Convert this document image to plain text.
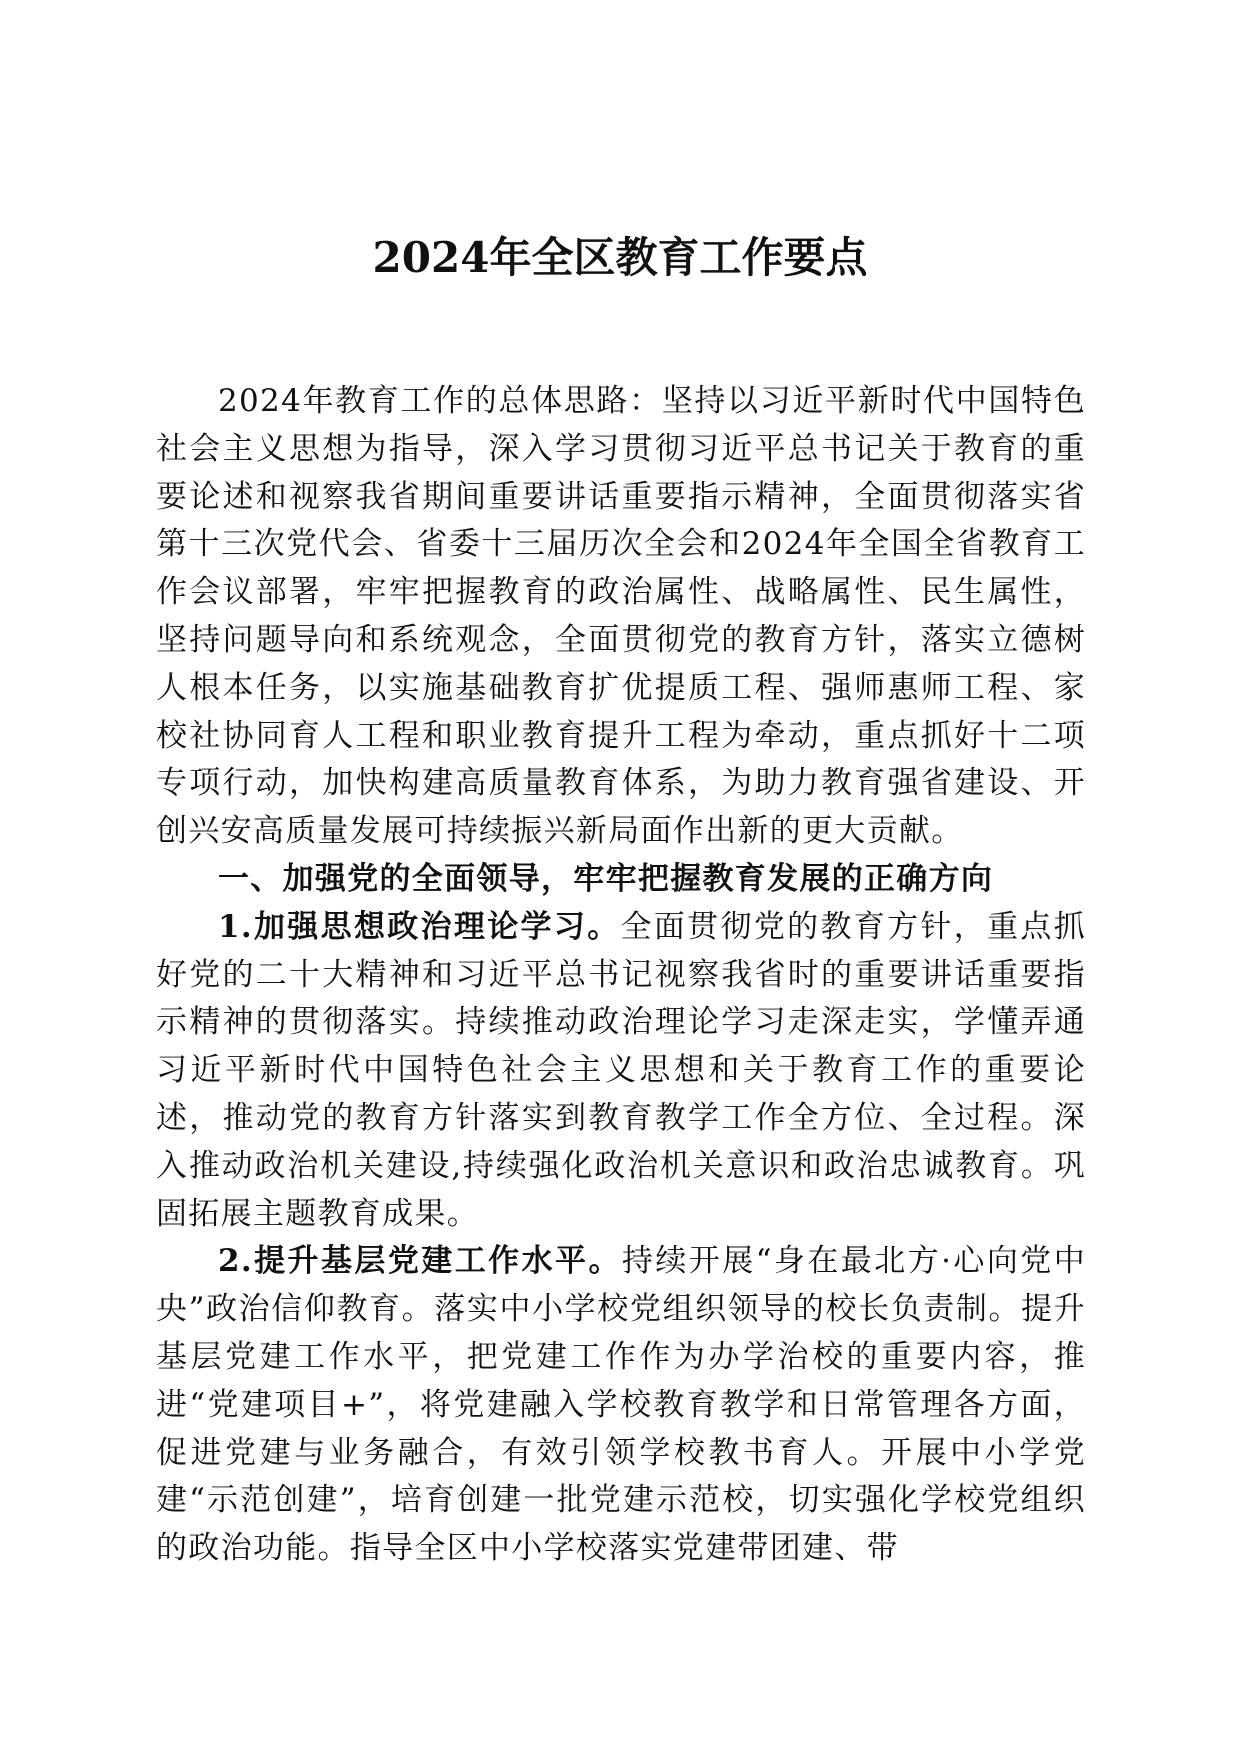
2024年全区教育工作要点

2024年教育工作的总体思路：坚持以习近平新时代中国特色社会主义思想为指导，深入学习贯彻习近平总书记关于教育的重要论述和视察我省期间重要讲话重要指示精神，全面贯彻落实省第十三次党代会、省委十三届历次全会和2024年全国全省教育工作会议部署，牢牢把握教育的政治属性、战略属性、民生属性，坚持问题导向和系统观念，全面贯彻党的教育方针，落实立德树人根本任务，以实施基础教育扩优提质工程、强师惠师工程、家校社协同育人工程和职业教育提升工程为牵动，重点抓好十二项专项行动，加快构建高质量教育体系，为助力教育强省建设、开创兴安高质量发展可持续振兴新局面作出新的更大贡献。

一、加强党的全面领导，牢牢把握教育发展的正确方向

1.加强思想政治理论学习。全面贯彻党的教育方针，重点抓好党的二十大精神和习近平总书记视察我省时的重要讲话重要指示精神的贯彻落实。持续推动政治理论学习走深走实，学懂弄通习近平新时代中国特色社会主义思想和关于教育工作的重要论述，推动党的教育方针落实到教育教学工作全方位、全过程。深入推动政治机关建设,持续强化政治机关意识和政治忠诚教育。巩固拓展主题教育成果。

2.提升基层党建工作水平。持续开展“身在最北方·心向党中央”政治信仰教育。落实中小学校党组织领导的校长负责制。提升基层党建工作水平，把党建工作作为办学治校的重要内容，推进“党建项目+”，将党建融入学校教育教学和日常管理各方面，促进党建与业务融合，有效引领学校教书育人。开展中小学党建“示范创建”，培育创建一批党建示范校，切实强化学校党组织的政治功能。指导全区中小学校落实党建带团建、带
